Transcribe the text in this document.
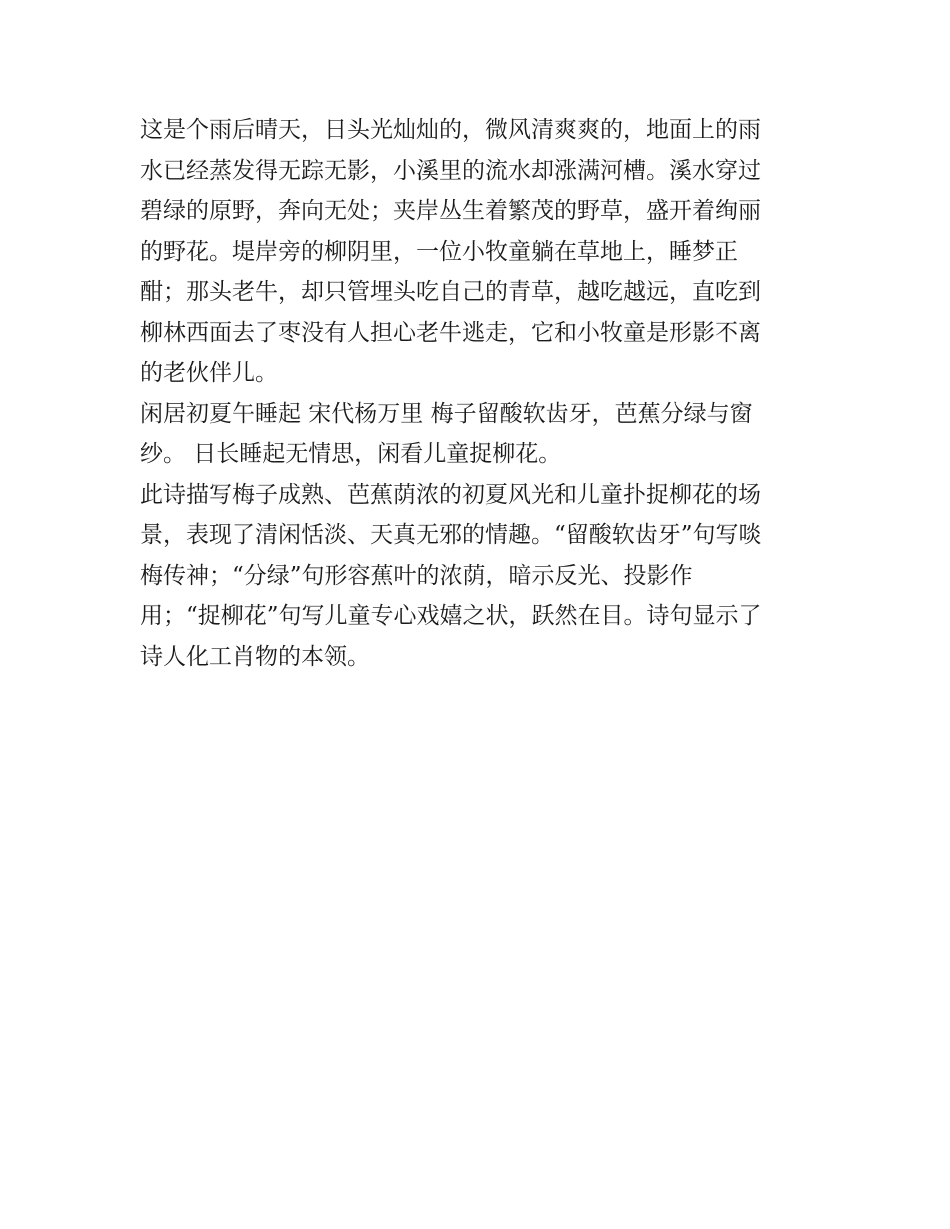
这是个雨后晴天，日头光灿灿的，微风清爽爽的，地面上的雨
水已经蒸发得无踪无影，小溪里的流水却涨满河槽。溪水穿过
碧绿的原野，奔向无处；夹岸丛生着繁茂的野草，盛开着绚丽
的野花。堤岸旁的柳阴里，一位小牧童躺在草地上，睡梦正
酣；那头老牛，却只管埋头吃自己的青草，越吃越远，直吃到
柳林西面去了枣没有人担心老牛逃走，它和小牧童是形影不离
的老伙伴儿。
闲居初夏午睡起 宋代杨万里 梅子留酸软齿牙，芭蕉分绿与窗
纱。 日长睡起无情思，闲看儿童捉柳花。
此诗描写梅子成熟、芭蕉荫浓的初夏风光和儿童扑捉柳花的场
景，表现了清闲恬淡、天真无邪的情趣。“留酸软齿牙”句写啖
梅传神；“分绿”句形容蕉叶的浓荫，暗示反光、投影作
用；“捉柳花”句写儿童专心戏嬉之状，跃然在目。诗句显示了
诗人化工肖物的本领。
